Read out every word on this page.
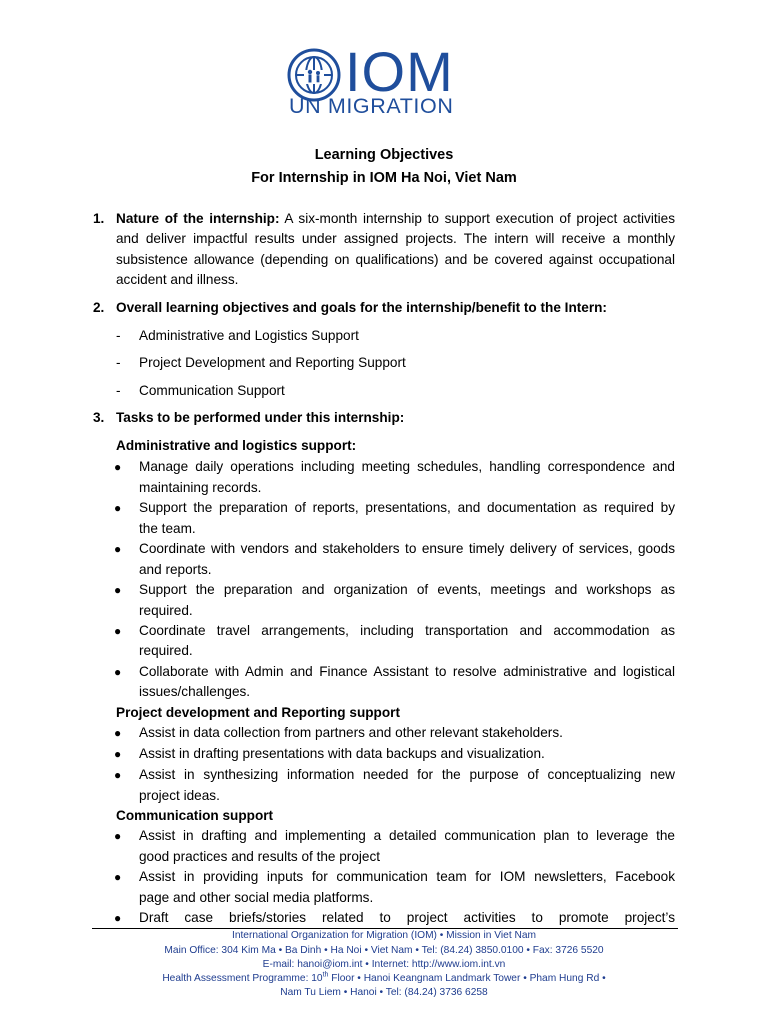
IOM
UN MIGRATION
Learning Objectives
For Internship in IOM Ha Noi, Viet Nam
1. Nature of the internship: A six-month internship to support execution of project activities
and deliver impactful results under assigned projects. The intern will receive a monthly
subsistence allowance (depending on qualifications) and be covered against occupational
accident and illness.
2. Overall learning objectives and goals for the internship/benefit to the Intern:
- Administrative and Logistics Support
- Project Development and Reporting Support
- Communication Support
3. Tasks to be performed under this internship:
Administrative and logistics support:
● Manage daily operations including meeting schedules, handling correspondence and
maintaining records.
● Support the preparation of reports, presentations, and documentation as required by
the team.
● Coordinate with vendors and stakeholders to ensure timely delivery of services, goods
and reports.
● Support the preparation and organization of events, meetings and workshops as
required.
● Coordinate travel arrangements, including transportation and accommodation as
required.
● Collaborate with Admin and Finance Assistant to resolve administrative and logistical
issues/challenges.
Project development and Reporting support
● Assist in data collection from partners and other relevant stakeholders.
● Assist in drafting presentations with data backups and visualization.
● Assist in synthesizing information needed for the purpose of conceptualizing new
project ideas.
Communication support
● Assist in drafting and implementing a detailed communication plan to leverage the
good practices and results of the project
● Assist in providing inputs for communication team for IOM newsletters, Facebook
page and other social media platforms.
● Draft case briefs/stories related to project activities to promote project’s
International Organization for Migration (IOM) • Mission in Viet Nam
Main Office: 304 Kim Ma • Ba Dinh • Ha Noi • Viet Nam • Tel: (84.24) 3850.0100 • Fax: 3726 5520
E-mail: hanoi@iom.int • Internet: http://www.iom.int.vn
Health Assessment Programme: 10th Floor • Hanoi Keangnam Landmark Tower • Pham Hung Rd •
Nam Tu Liem • Hanoi • Tel: (84.24) 3736 6258
